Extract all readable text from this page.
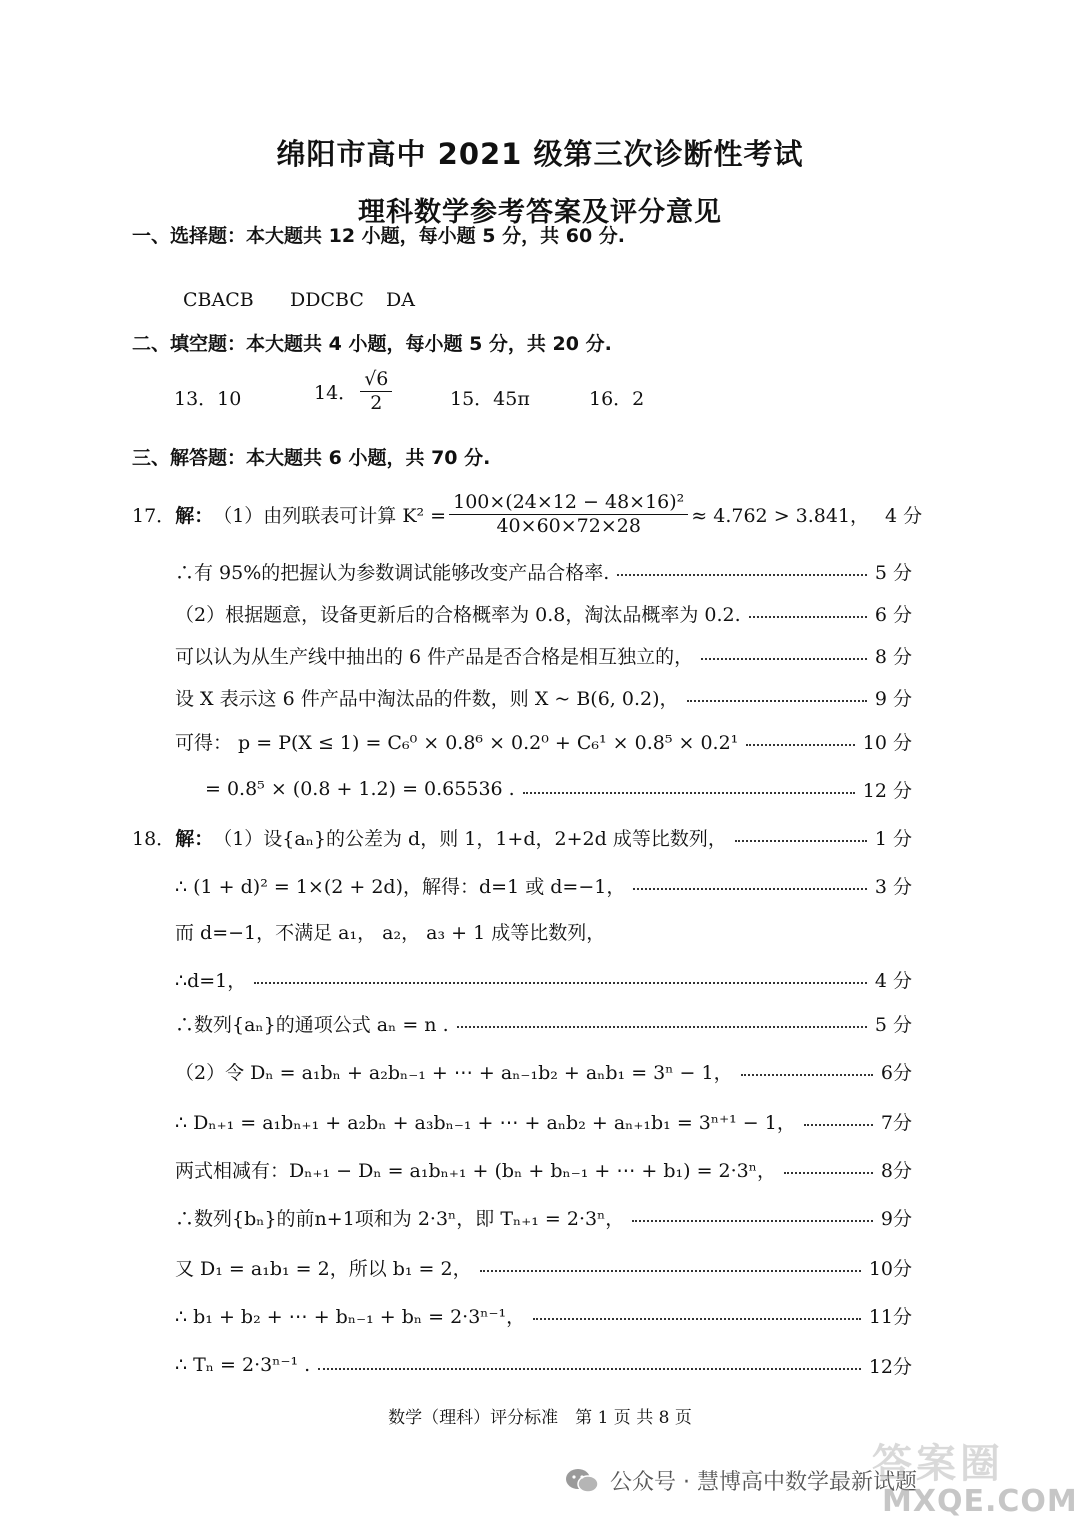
绵阳市高中 2021 级第三次诊断性考试
理科数学参考答案及评分意见
一、选择题：本大题共 12 小题，每小题 5 分，共 60 分.
CBACB DDCBC DA
二、填空题：本大题共 4 小题，每小题 5 分，共 20 分.
13．10	14． $\frac{√6}{2}$	15．45π	16．2
三、解答题：本大题共 6 小题，共 70 分.
17． 解： （1）由列联表可计算 $K^2 = \frac{\text{100×(24×12 − 48×16)²}}{40\times 60\times 72\times 28} \approx 4.762 > 3.841$， 4 分
∴有 95%的把握认为参数调试能够改变产品合格率.	5 分
（2）根据题意，设备更新后的合格概率为 0.8，淘汰品概率为 0.2.	6 分
可以认为从生产线中抽出的 6 件产品是否合格是相互独立的，	8 分
设 X 表示这 6 件产品中淘汰品的件数，则 X ~ B(6, 0.2)，	9 分
可得： p = P(X ≤ 1) = C₆⁰ × 0.8⁶ × 0.2⁰ + C₆¹ × 0.8⁵ × 0.2¹	10 分
= 0.8⁵ × (0.8 + 1.2) = 0.65536 .	12 分
18． 解： （1）设{aₙ}的公差为 d，则 1，1+d，2+2d 成等比数列，	1 分
∴ (1 + d)² = 1×(2 + 2d)，解得：d=1 或 d=−1，	3 分
而 d=−1，不满足 a₁， a₂， a₃ + 1 成等比数列，
∴d=1，	4 分
∴数列{aₙ}的通项公式 aₙ = n .	5 分
（2）令 Dₙ = a₁bₙ + a₂bₙ₋₁ + ⋯ + aₙ₋₁b₂ + aₙb₁ = 3ⁿ − 1，	6分
∴ Dₙ₊₁ = a₁bₙ₊₁ + a₂bₙ + a₃bₙ₋₁ + ⋯ + aₙb₂ + aₙ₊₁b₁ = 3ⁿ⁺¹ − 1，	7分
两式相减有：Dₙ₊₁ − Dₙ = a₁bₙ₊₁ + (bₙ + bₙ₋₁ + ⋯ + b₁) = 2·3ⁿ，	8分
∴数列{bₙ}的前n+1项和为 2·3ⁿ，即 Tₙ₊₁ = 2·3ⁿ，	9分
又 D₁ = a₁b₁ = 2，所以 b₁ = 2，	10分
∴ b₁ + b₂ + ⋯ + bₙ₋₁ + bₙ = 2·3ⁿ⁻¹，	11分
∴ Tₙ = 2·3ⁿ⁻¹ .	12分
数学（理科）评分标准　第 1 页 共 8 页
公众号 · 慧博高中数学最新试题
答案圈
MXQE.COM
